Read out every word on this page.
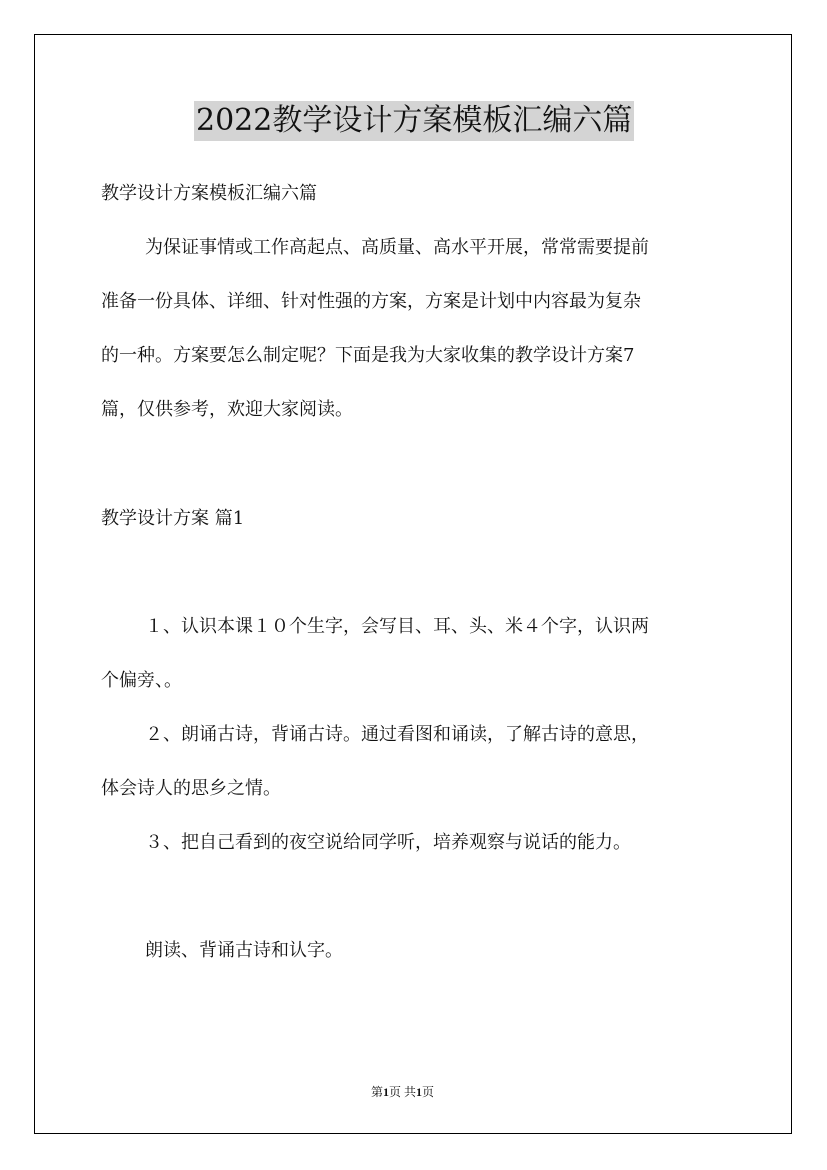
2022教学设计方案模板汇编六篇
教学设计方案模板汇编六篇
为保证事情或工作高起点、高质量、高水平开展，常常需要提前
准备一份具体、详细、针对性强的方案，方案是计划中内容最为复杂
的一种。方案要怎么制定呢？下面是我为大家收集的教学设计方案7
篇，仅供参考，欢迎大家阅读。
教学设计方案 篇1
１、认识本课１０个生字，会写目、耳、头、米４个字，认识两
个偏旁、。
２、朗诵古诗，背诵古诗。通过看图和诵读，了解古诗的意思，
体会诗人的思乡之情。
３、把自己看到的夜空说给同学听，培养观察与说话的能力。
朗读、背诵古诗和认字。
第1页 共1页
